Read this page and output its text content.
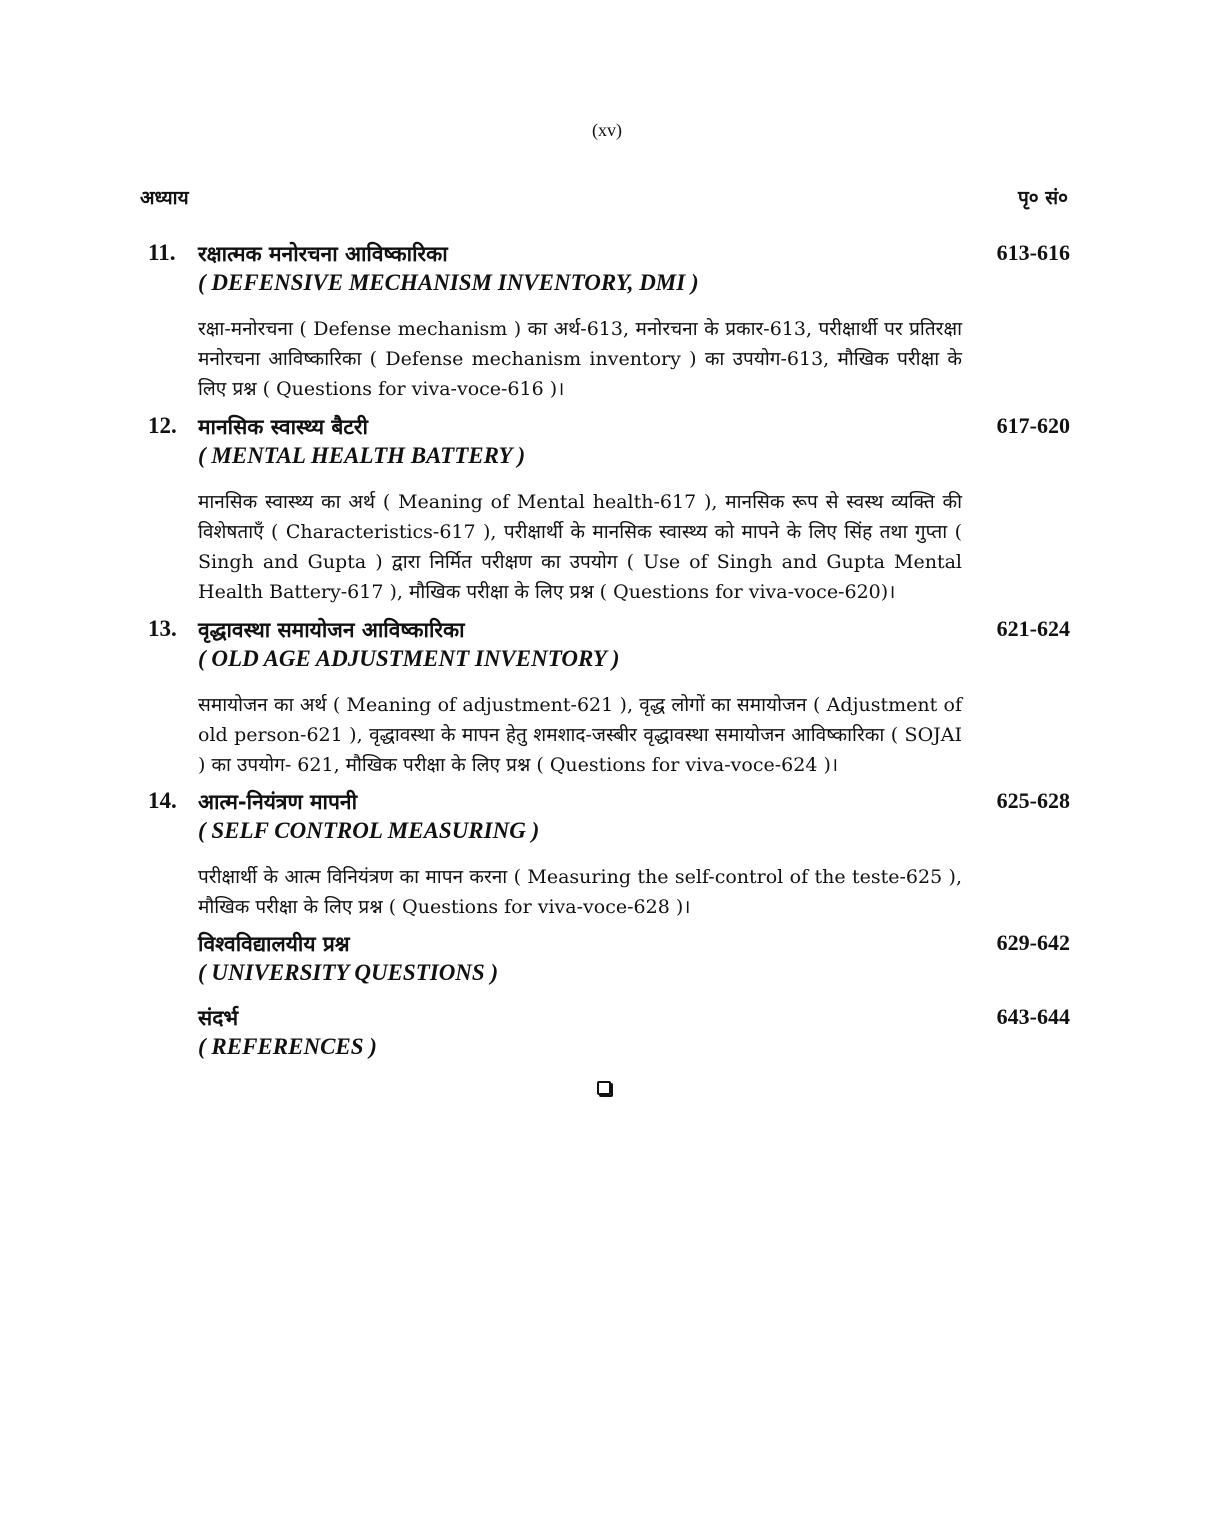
(xv)
अध्याय	पृ० सं०
11. रक्षात्मक मनोरचना आविष्कारिका
( DEFENSIVE MECHANISM INVENTORY, DMI )
613-616
रक्षा-मनोरचना ( Defense mechanism ) का अर्थ-613, मनोरचना के प्रकार-613, परीक्षार्थी पर प्रतिरक्षा मनोरचना आविष्कारिका ( Defense mechanism inventory ) का उपयोग-613, मौखिक परीक्षा के लिए प्रश्न ( Questions for viva-voce-616 )।
12. मानसिक स्वास्थ्य बैटरी
( MENTAL HEALTH BATTERY )
617-620
मानसिक स्वास्थ्य का अर्थ ( Meaning of Mental health-617 ), मानसिक रूप से स्वस्थ व्यक्ति की विशेषताएँ ( Characteristics-617 ), परीक्षार्थी के मानसिक स्वास्थ्य को मापने के लिए सिंह तथा गुप्ता ( Singh and Gupta ) द्वारा निर्मित परीक्षण का उपयोग ( Use of Singh and Gupta Mental Health Battery-617 ), मौखिक परीक्षा के लिए प्रश्न ( Questions for viva-voce-620)।
13. वृद्धावस्था समायोजन आविष्कारिका
( OLD AGE ADJUSTMENT INVENTORY )
621-624
समायोजन का अर्थ ( Meaning of adjustment-621 ), वृद्ध लोगों का समायोजन ( Adjustment of old person-621 ), वृद्धावस्था के मापन हेतु शमशाद-जस्बीर वृद्धावस्था समायोजन आविष्कारिका ( SOJAI ) का उपयोग- 621, मौखिक परीक्षा के लिए प्रश्न ( Questions for viva-voce-624 )।
14. आत्म-नियंत्रण मापनी
( SELF CONTROL MEASURING )
625-628
परीक्षार्थी के आत्म विनियंत्रण का मापन करना ( Measuring the self-control of the teste-625 ), मौखिक परीक्षा के लिए प्रश्न ( Questions for viva-voce-628 )।
विश्वविद्यालयीय प्रश्न
( UNIVERSITY QUESTIONS )
629-642
संदर्भ
( REFERENCES )
643-644
